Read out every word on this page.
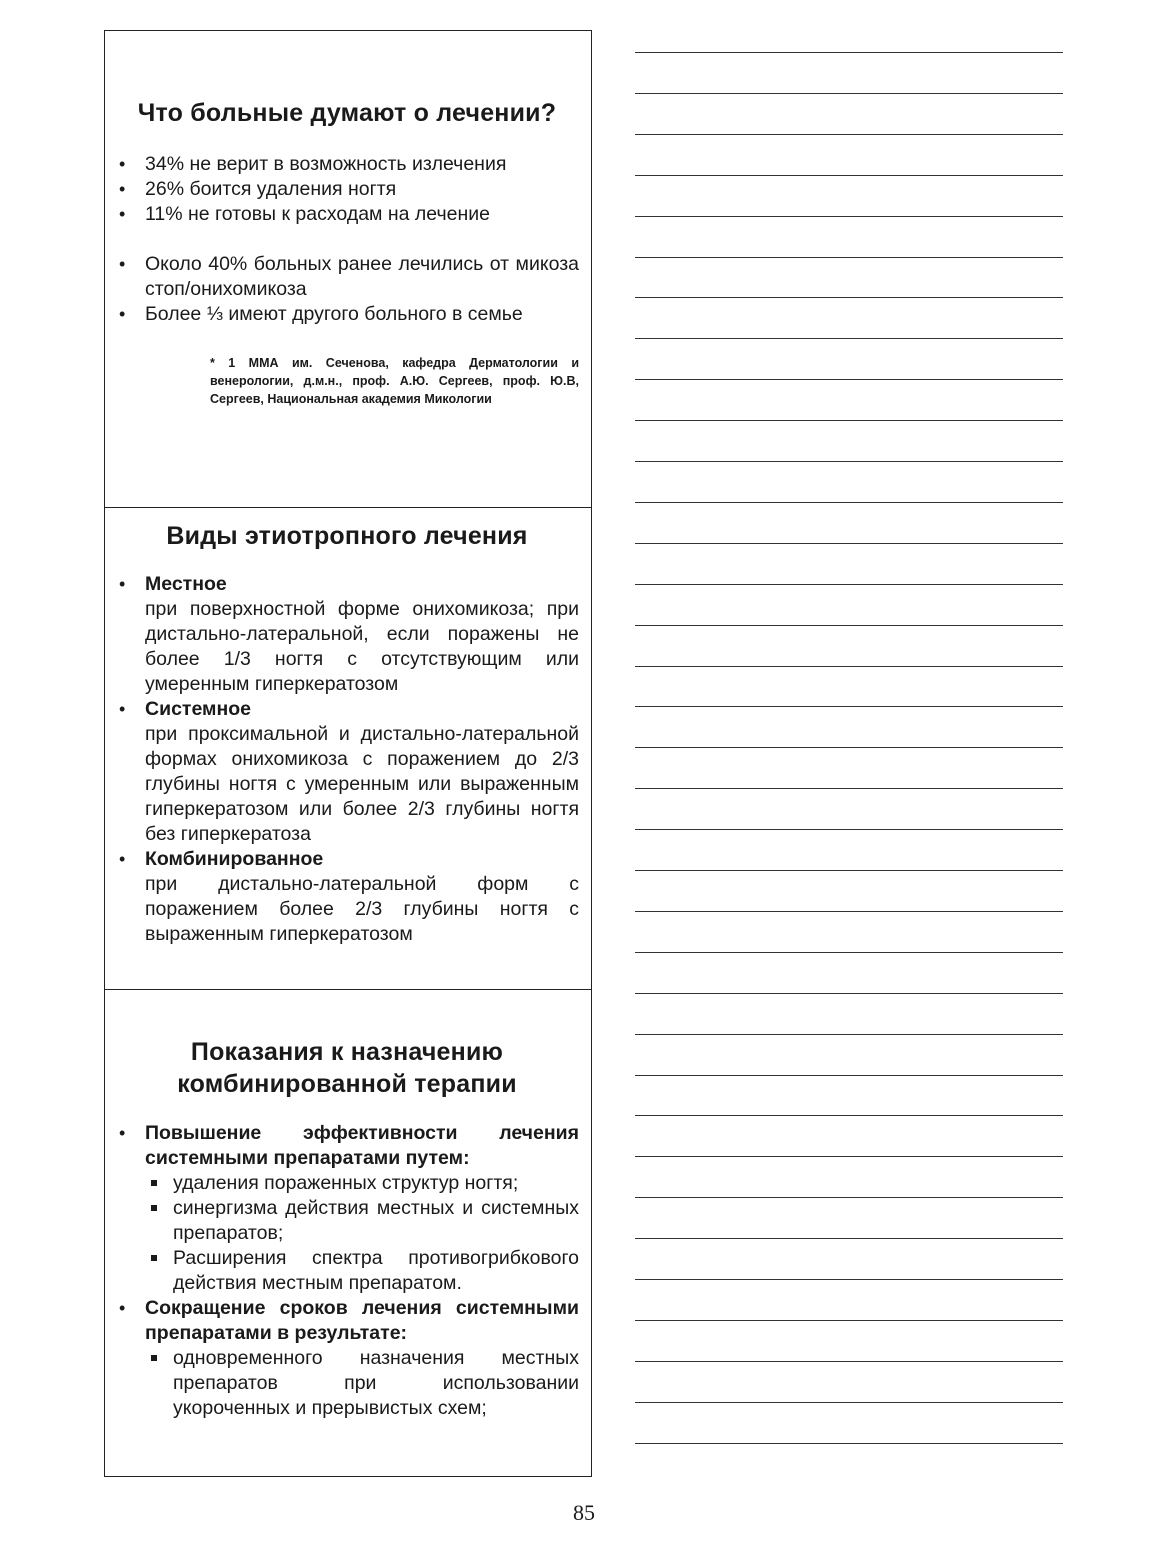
Что больные думают о лечении?
• 34% не верит в возможность излечения
• 26% боится удаления ногтя
• 11% не готовы к расходам на лечение
• Около 40% больных ранее лечились от микоза стоп/онихомикоза
• Более ⅓ имеют другого больного в семье

* 1 ММА им. Сеченова, кафедра Дерматологии и венерологии, д.м.н., проф. А.Ю. Сергеев, проф. Ю.В, Сергеев, Национальная академия Микологии

Виды этиотропного лечения
• Местное
при поверхностной форме онихомикоза; при дистально-латеральной, если поражены не более 1/3 ногтя с отсутствующим или умеренным гиперкератозом
• Системное
при проксимальной и дистально-латеральной формах онихомикоза с поражением до 2/3 глубины ногтя с умеренным или выраженным гиперкератозом или более 2/3 глубины ногтя без гиперкератоза
• Комбинированное
при дистально-латеральной форм с поражением более 2/3 глубины ногтя с выраженным гиперкератозом
Показания к назначению комбинированной терапии
• Повышение эффективности лечения системными препаратами путем:
удаления пораженных структур ногтя;
синергизма действия местных и системных препаратов;
Расширения спектра противогрибкового действия местным препаратом.
• Сокращение сроков лечения системными препаратами в результате:
одновременного назначения местных препаратов при использовании укороченных и прерывистых схем;
85
